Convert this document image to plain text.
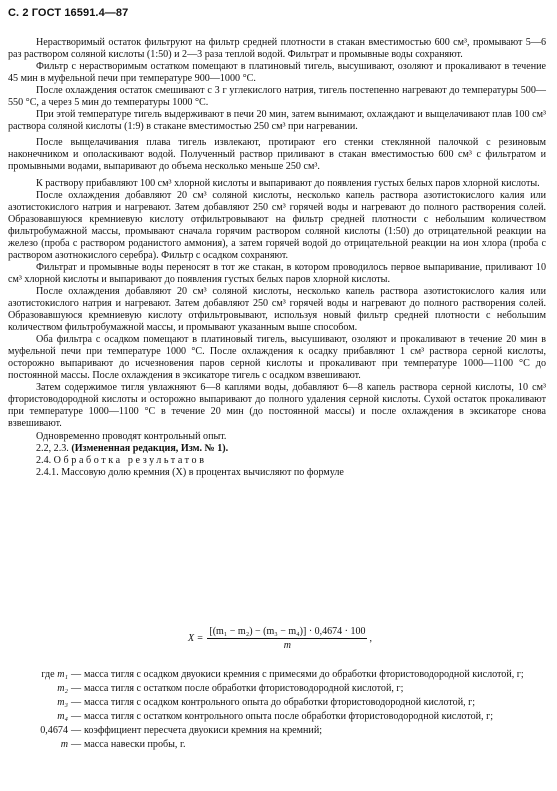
С. 2 ГОСТ 16591.4—87

Нерастворимый остаток фильтруют на фильтр средней плотности в стакан вместимостью 600 см³, промывают 5—6 раз раствором соляной кислоты (1:50) и 2—3 раза теплой водой. Фильтрат и промывные воды сохраняют.

Фильтр с нерастворимым остатком помещают в платиновый тигель, высушивают, озоляют и прокаливают в течение 45 мин в муфельной печи при температуре 900—1000 °С.

После охлаждения остаток смешивают с 3 г углекислого натрия, тигель постепенно нагревают до температуры 500—550 °С, а через 5 мин до температуры 1000 °С.

При этой температуре тигель выдерживают в печи 20 мин, затем вынимают, охлаждают и выщелачивают плав 100 см³ раствора соляной кислоты (1:9) в стакане вместимостью 250 см³ при нагревании.

После выщелачивания плава тигель извлекают, протирают его стенки стеклянной палочкой с резиновым наконечником и ополаскивают водой. Полученный раствор приливают в стакан вместимостью 600 см³ с фильтратом и промывными водами, выпаривают до объема несколько меньше 250 см³.

К раствору прибавляют 100 см³ хлорной кислоты и выпаривают до появления густых белых паров хлорной кислоты.

После охлаждения добавляют 20 см³ соляной кислоты, несколько капель раствора азотистокислого калия или азотистокислого натрия и нагревают. Затем добавляют 250 см³ горячей воды и нагревают до полного растворения солей. Образовавшуюся кремниевую кислоту отфильтровывают на фильтр средней плотности с небольшим количеством фильтробумажной массы, промывают сначала горячим раствором соляной кислоты (1:50) до отрицательной реакции на железо (проба с раствором роданистого аммония), а затем горячей водой до отрицательной реакции на ион хлора (проба с раствором азотнокислого серебра). Фильтр с осадком сохраняют.

Фильтрат и промывные воды переносят в тот же стакан, в котором проводилось первое выпаривание, приливают 10 см³ хлорной кислоты и выпаривают до появления густых белых паров хлорной кислоты.

После охлаждения добавляют 20 см³ соляной кислоты, несколько капель раствора азотистокислого калия или азотистокислого натрия и нагревают. Затем добавляют 250 см³ горячей воды и нагревают до полного растворения солей. Образовавшуюся кремниевую кислоту отфильтровывают, используя новый фильтр средней плотности с небольшим количеством фильтробумажной массы, и промывают указанным выше способом.

Оба фильтра с осадком помещают в платиновый тигель, высушивают, озоляют и прокаливают в течение 20 мин в муфельной печи при температуре 1000 °С. После охлаждения к осадку прибавляют 1 см³ раствора серной кислоты, осторожно выпаривают до исчезновения паров серной кислоты и прокаливают при температуре 1000—1100 °С до постоянной массы. После охлаждения в эксикаторе тигель с осадком взвешивают.

Затем содержимое тигля увлажняют 6—8 каплями воды, добавляют 6—8 капель раствора серной кислоты, 10 см³ фтористоводородной кислоты и осторожно выпаривают до полного удаления серной кислоты. Сухой остаток прокаливают при температуре 1000—1100 °С в течение 20 мин (до постоянной массы) и после охлаждения в эксикаторе снова взвешивают.

Одновременно проводят контрольный опыт.

2.2, 2.3. (Измененная редакция, Изм. № 1).

2.4. Обработка результатов

2.4.1. Массовую долю кремния (X) в процентах вычисляют по формуле

$X = \frac{\text{[(m₁ − m₂) − (m₃ − m₄)] · 0,4674 · 100}}{m}$ ,
где m₁ — масса тигля с осадком двуокиси кремния с примесями до обработки фтористоводородной кислотой, г;
m₂ — масса тигля с остатком после обработки фтористоводородной кислотой, г;
m₃ — масса тигля с осадком контрольного опыта до обработки фтористоводородной кислотой, г;
m₄ — масса тигля с остатком контрольного опыта после обработки фтористоводородной кислотой, г;
0,4674 — коэффициент пересчета двуокиси кремния на кремний;
m — масса навески пробы, г.
